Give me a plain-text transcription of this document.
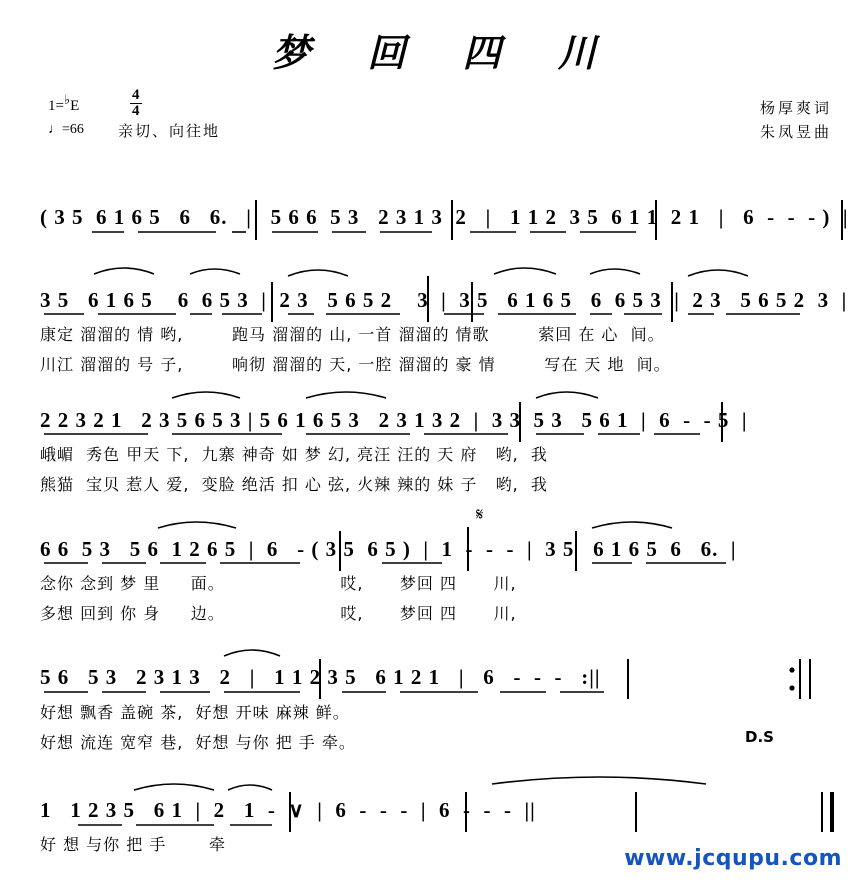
梦 回 四 川
1=♭E	$\frac{4}{4}$
♩=66 亲切、向往地
杨厚爽词
朱凤昱曲
( 3 5  6 1 6 5   6   6.   |   5 6 6  5 3   2 3 1 3  2   |   1 1 2  3 5  6 1 1  2 1   |   6  -  -  - )  |
3 5   6 1 6 5    6  6 5 3  |  2 3   5 6 5 2    3  |  3 5   6 1 6 5   6  6 5 3  |  2 3   5 6 5 2  3  |
康定 溜溜的 情 哟,        跑马 溜溜的 山, 一首 溜溜的 情歌        萦回 在 心  间。
川江 溜溜的 号 子,        响彻 溜溜的 天, 一腔 溜溜的 豪 情        写在 天 地  间。
2 2 3 2 1   2 3 5 6 5 3 | 5 6 1 6 5 3   2 3 1 3 2  |  3 3  5 3   5 6 1  |  6  -  - 5  |
峨嵋  秀色 甲天 下,  九寨 神奇 如 梦 幻, 亮汪 汪的 天 府   哟,  我
熊猫  宝贝 惹人 爱,  变脸 绝活 扣 心 弦, 火辣 辣的 妹 子   哟,  我
6 6  5 3   5 6  1 2 6 5  |  6   - ( 3 5  6 5 )  |  1  -  -  -  |  3 5   6 1 6 5  6   6.  |
念你 念到 梦 里     面。                   哎,      梦回 四      川,
多想 回到 你 身     边。                   哎,      梦回 四      川,
5 6   5 3   2 3 1 3   2   |   1 1 2 3 5   6 1 2 1   |   6   -  -  -   :||
好想 飘香 盖碗 茶,  好想 开味 麻辣 鲜。
好想 流连 宽窄 巷,  好想 与你 把 手 牵。	D.S
1   1 2 3 5   6 1  |  2   1  -  ∨  |  6  -  -  -  |  6  -  -  -  ||
好 想 与你 把 手       牵
𝄋
www.jcqupu.com
